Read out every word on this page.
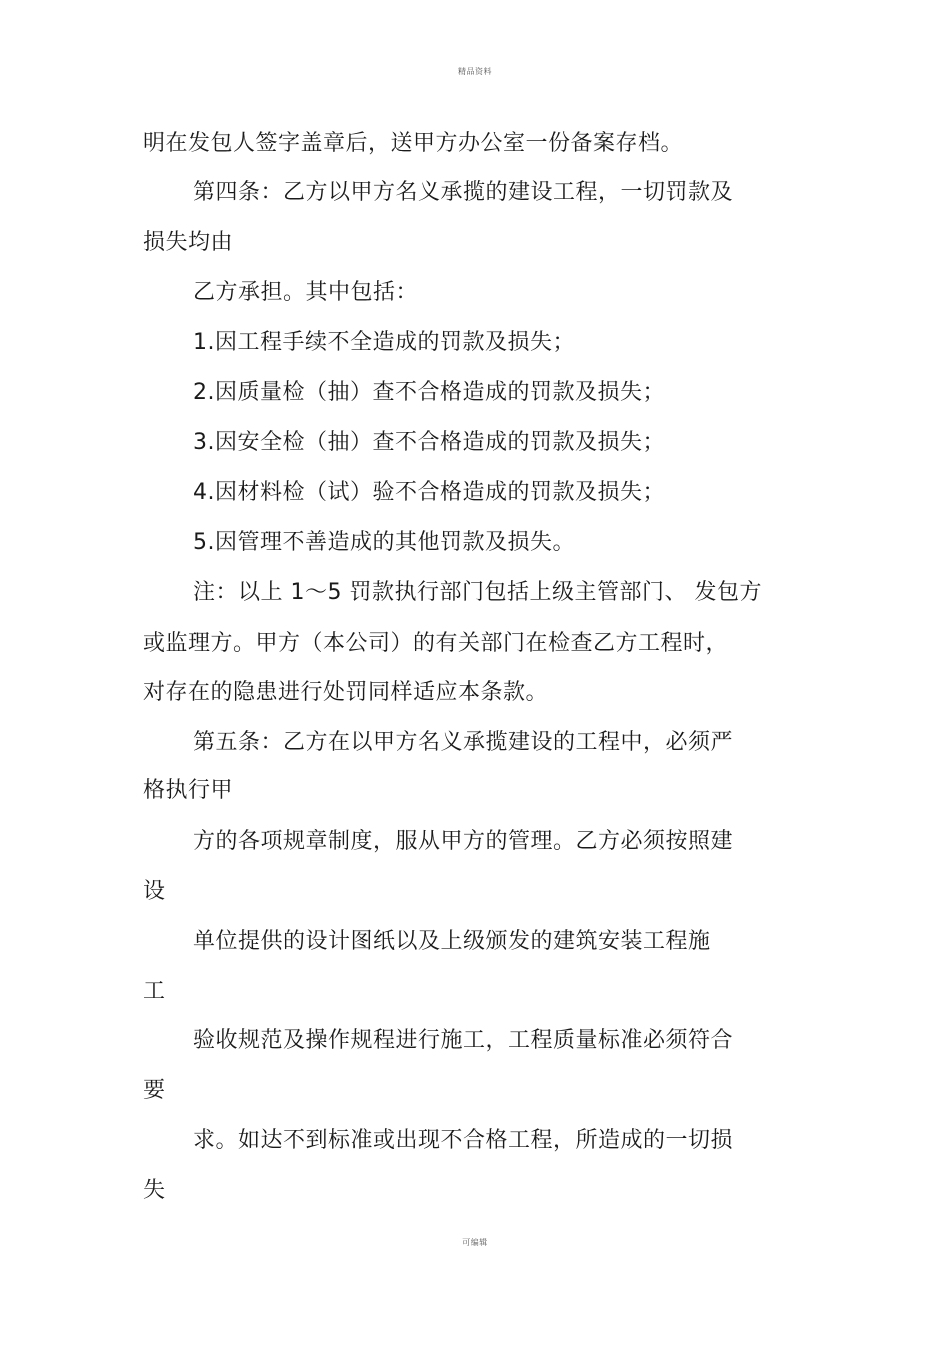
精品资料
明在发包人签字盖章后，送甲方办公室一份备案存档。
第四条：乙方以甲方名义承揽的建设工程，一切罚款及
损失均由
乙方承担。其中包括：
1.因工程手续不全造成的罚款及损失；
2.因质量检（抽）查不合格造成的罚款及损失；
3.因安全检（抽）查不合格造成的罚款及损失；
4.因材料检（试）验不合格造成的罚款及损失；
5.因管理不善造成的其他罚款及损失。
注：以上 1～5 罚款执行部门包括上级主管部门、 发包方
或监理方。甲方（本公司）的有关部门在检查乙方工程时，
对存在的隐患进行处罚同样适应本条款。
第五条：乙方在以甲方名义承揽建设的工程中，必须严
格执行甲
方的各项规章制度，服从甲方的管理。乙方必须按照建
设
单位提供的设计图纸以及上级颁发的建筑安装工程施
工
验收规范及操作规程进行施工，工程质量标准必须符合
要
求。如达不到标准或出现不合格工程，所造成的一切损
失
可编辑
